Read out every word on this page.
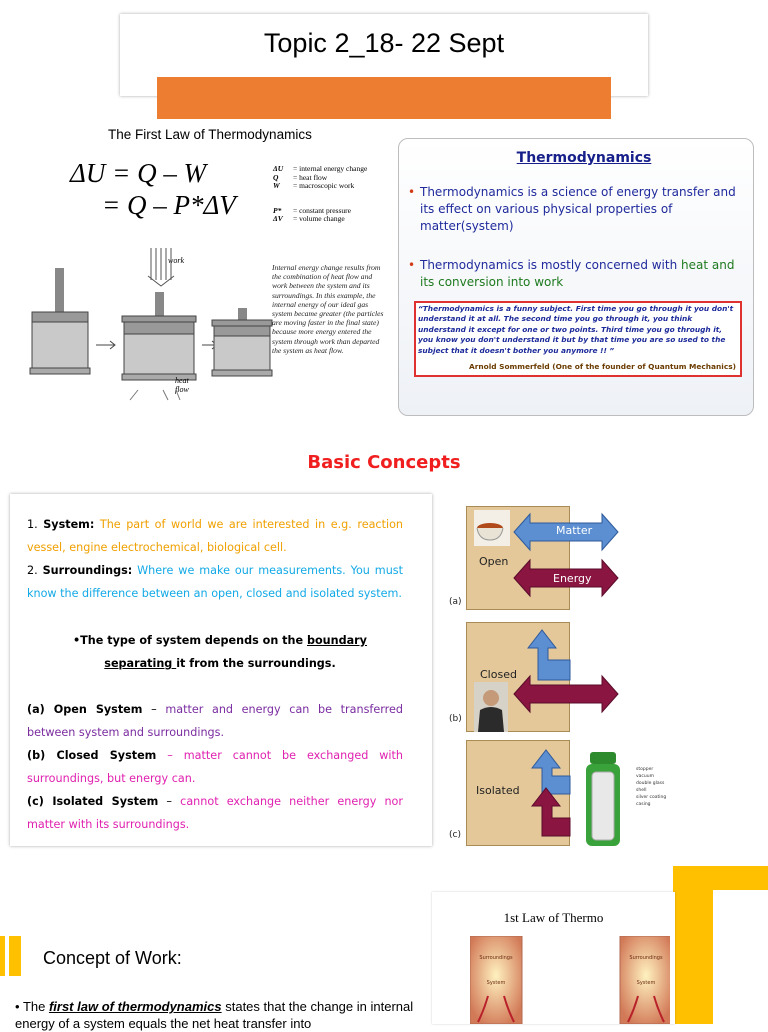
Topic 2_18- 22 Sept
The First Law of Thermodynamics
ΔU = Q – W
= Q – P*ΔV
ΔU = internal energy change
Q = heat flow
W = macroscopic work
P* = constant pressure
ΔV = volume change
Internal energy change results from the combination of heat flow and work between the system and its surroundings. In this example, the internal energy of our ideal gas system became greater (the particles are moving faster in the final state) because more energy entered the system through work than departed the system as heat flow.
work
heat flow
Thermodynamics
• Thermodynamics is a science of energy transfer and its effect on various physical properties of matter(system)
• Thermodynamics is mostly concerned with heat and its conversion into work
“Thermodynamics is a funny subject. First time you go through it you don't understand it at all. The second time you go through it, you think understand it except for one or two points. Third time you go through it, you know you don't understand it but by that time you are so used to the subject that it doesn't bother you anymore !! ”
Arnold Sommerfeld (One of the founder of Quantum Mechanics)
Basic Concepts
1. System: The part of world we are interested in e.g. reaction vessel, engine electrochemical, biological cell.
2. Surroundings: Where we make our measurements. You must know the difference between an open, closed and isolated system.
•The type of system depends on the boundary separating it from the surroundings.
(a) Open System – matter and energy can be transferred between system and surroundings.
(b) Closed System – matter cannot be exchanged with surroundings, but energy can.
(c) Isolated System – cannot exchange neither energy nor matter with its surroundings.
Open
Matter
Energy
Closed
Isolated
(a)
(b)
(c)
stopper
vacuum
double glass shell
silver coating
casing
Concept of Work:
• The first law of thermodynamics states that the change in internal energy of a system equals the net heat transfer into
1st Law of Thermo
Surroundings
System
Surroundings
System
